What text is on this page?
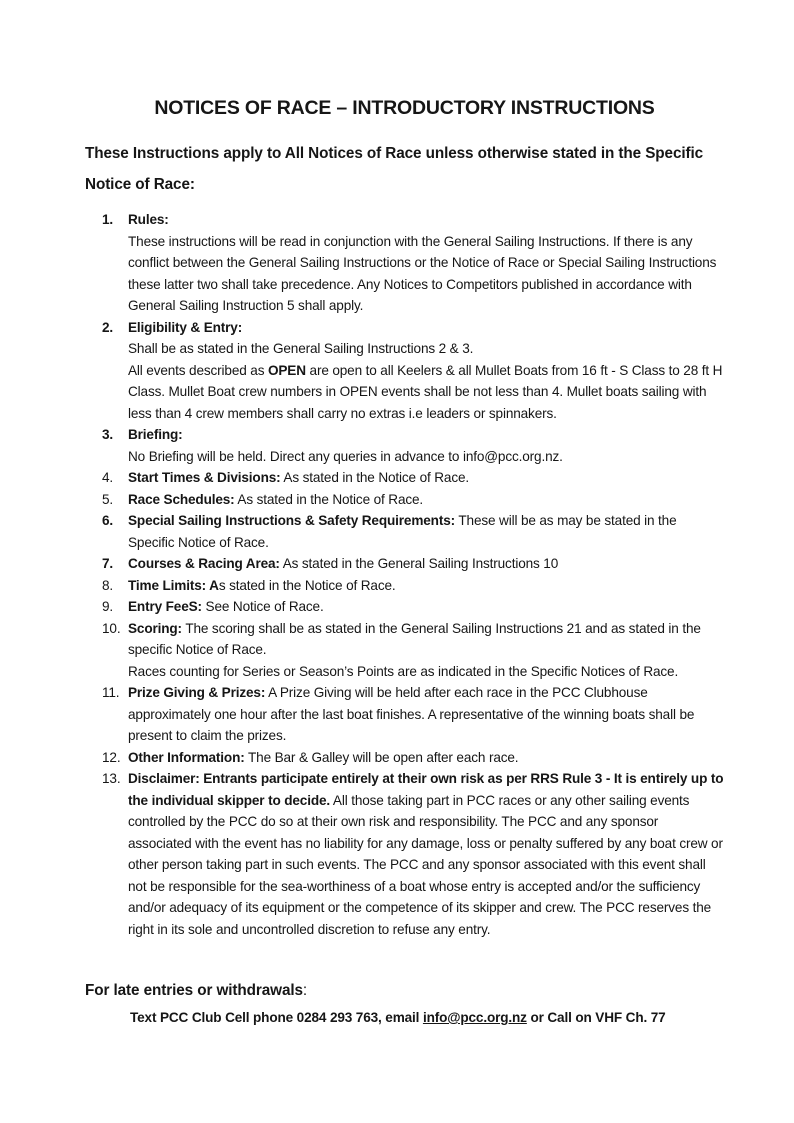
NOTICES OF RACE – INTRODUCTORY INSTRUCTIONS

These Instructions apply to All Notices of Race unless otherwise stated in the Specific Notice of Race:

1.	Rules:
These instructions will be read in conjunction with the General Sailing Instructions. If there is any conflict between the General Sailing Instructions or the Notice of Race or Special Sailing Instructions these latter two shall take precedence. Any Notices to Competitors published in accordance with General Sailing Instruction 5 shall apply.
2.	Eligibility & Entry:
Shall be as stated in the General Sailing Instructions 2 & 3.
All events described as OPEN are open to all Keelers & all Mullet Boats from 16 ft - S Class to 28 ft H Class. Mullet Boat crew numbers in OPEN events shall be not less than 4. Mullet boats sailing with less than 4 crew members shall carry no extras i.e leaders or spinnakers.
3.	Briefing:
No Briefing will be held. Direct any queries in advance to info@pcc.org.nz.
4.	Start Times & Divisions: As stated in the Notice of Race.
5.	Race Schedules: As stated in the Notice of Race.
6.	Special Sailing Instructions & Safety Requirements: These will be as may be stated in the Specific Notice of Race.
7.	Courses & Racing Area: As stated in the General Sailing Instructions 10
8.	Time Limits: As stated in the Notice of Race.
9.	Entry FeeS: See Notice of Race.
10. Scoring: The scoring shall be as stated in the General Sailing Instructions 21 and as stated in the specific Notice of Race.
Races counting for Series or Season’s Points are as indicated in the Specific Notices of Race.
11. Prize Giving & Prizes: A Prize Giving will be held after each race in the PCC Clubhouse approximately one hour after the last boat finishes. A representative of the winning boats shall be present to claim the prizes.
12. Other Information: The Bar & Galley will be open after each race.
13. Disclaimer: Entrants participate entirely at their own risk as per RRS Rule 3 - It is entirely up to the individual skipper to decide. All those taking part in PCC races or any other sailing events controlled by the PCC do so at their own risk and responsibility. The PCC and any sponsor associated with the event has no liability for any damage, loss or penalty suffered by any boat crew or other person taking part in such events. The PCC and any sponsor associated with this event shall not be responsible for the sea-worthiness of a boat whose entry is accepted and/or the sufficiency and/or adequacy of its equipment or the competence of its skipper and crew. The PCC reserves the right in its sole and uncontrolled discretion to refuse any entry.

For late entries or withdrawals:

Text PCC Club Cell phone 0284 293 763, email info@pcc.org.nz or Call on VHF Ch. 77
